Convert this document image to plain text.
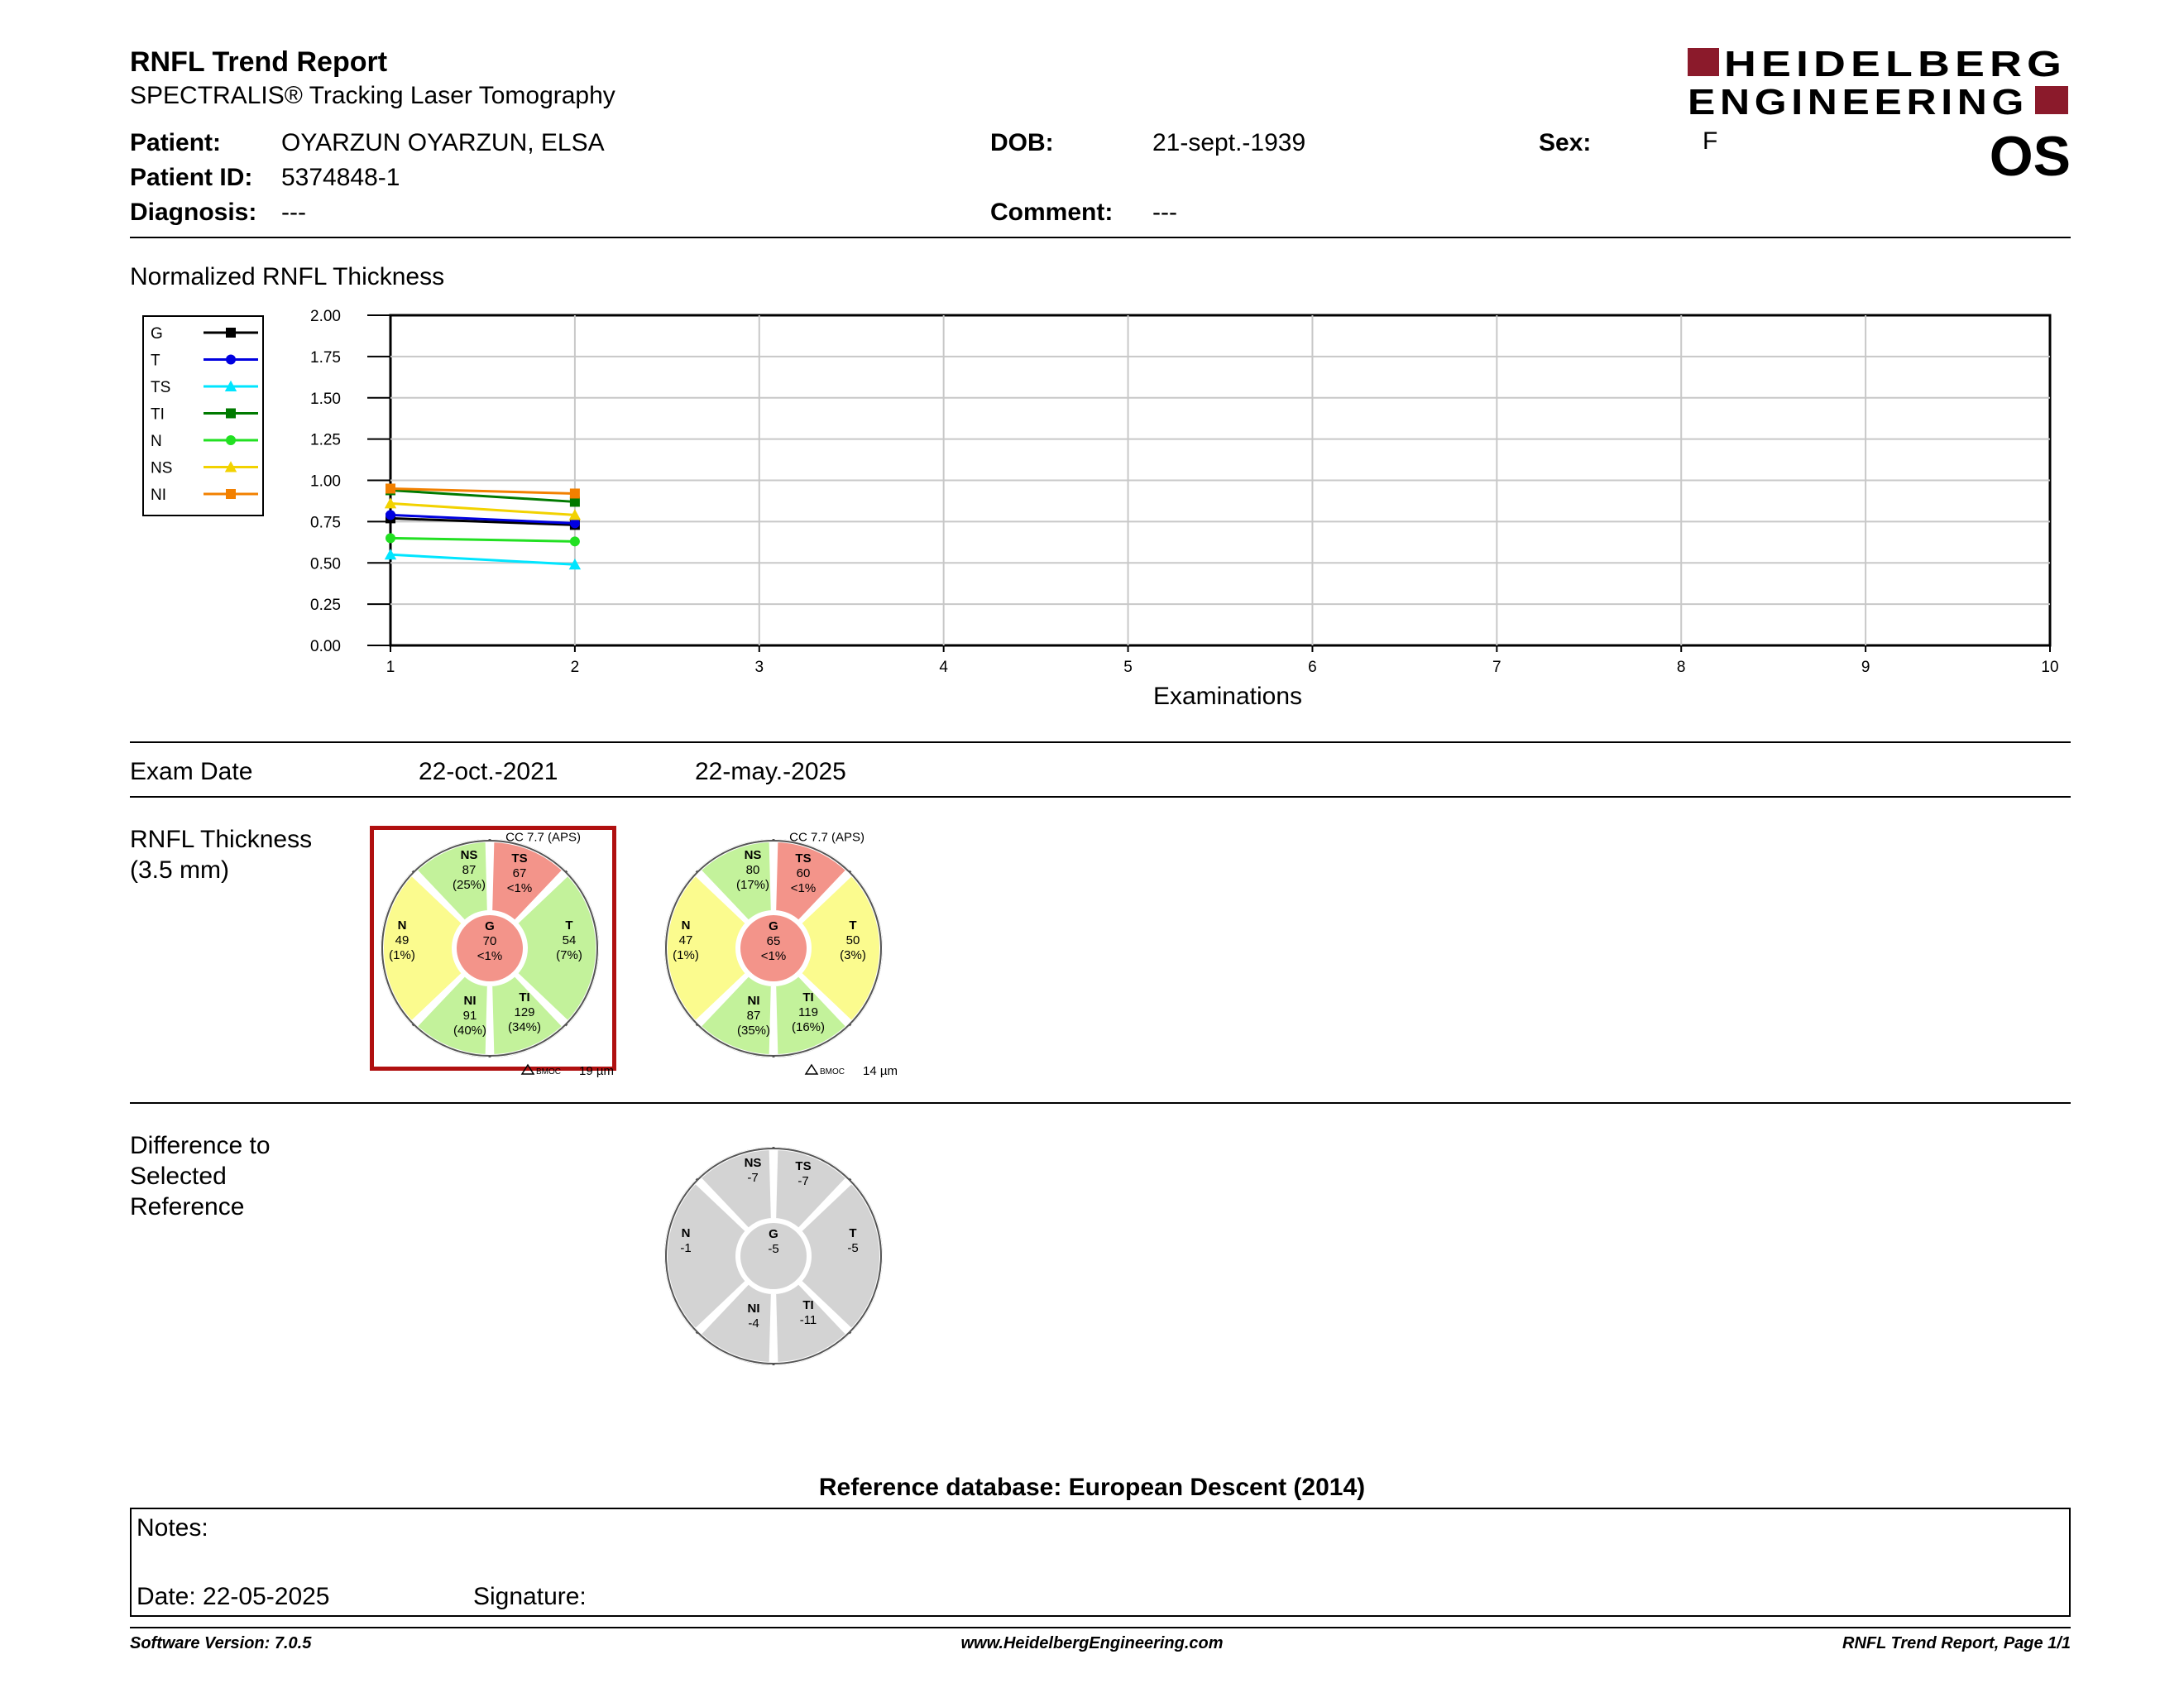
RNFL Trend Report
SPECTRALIS® Tracking Laser Tomography
HEIDELBERG
ENGINEERING
OS
Patient: OYARZUN OYARZUN, ELSA
Patient ID: 5374848-1
Diagnosis: ---
DOB:	21-sept.-1939
Comment: ---
Sex:	F
Normalized RNFL Thickness
G
T
TS
TI
N
NS
NI
0.00
0.25
0.50
0.75
1.00
1.25
1.50
1.75
2.00
1	2	3	4	5	6	7	8	9	10
Examinations
Exam Date	22-oct.-2021	22-may.-2025
RNFL Thickness
(3.5 mm)
NS
87
(25%)
TS
67
<1%
T
54
(7%)
TI
129
(34%)
NI
91
(40%)
N
49
(1%)
G
70
<1%
CC 7.7 (APS)
BMOC 19 µm
NS
80
(17%)
TS
60
<1%
T
50
(3%)
TI
119
(16%)
NI
87
(35%)
N
47
(1%)
G
65
<1%
CC 7.7 (APS)
BMOC 14 µm
Difference to
Selected
Reference
NS
-7
TS
-7
T
-5
TI
-11
NI
-4
N
-1
G
-5
Reference database: European Descent (2014)
Notes:
Date: 22-05-2025	Signature:
Software Version: 7.0.5	www.HeidelbergEngineering.com	RNFL Trend Report, Page 1/1
